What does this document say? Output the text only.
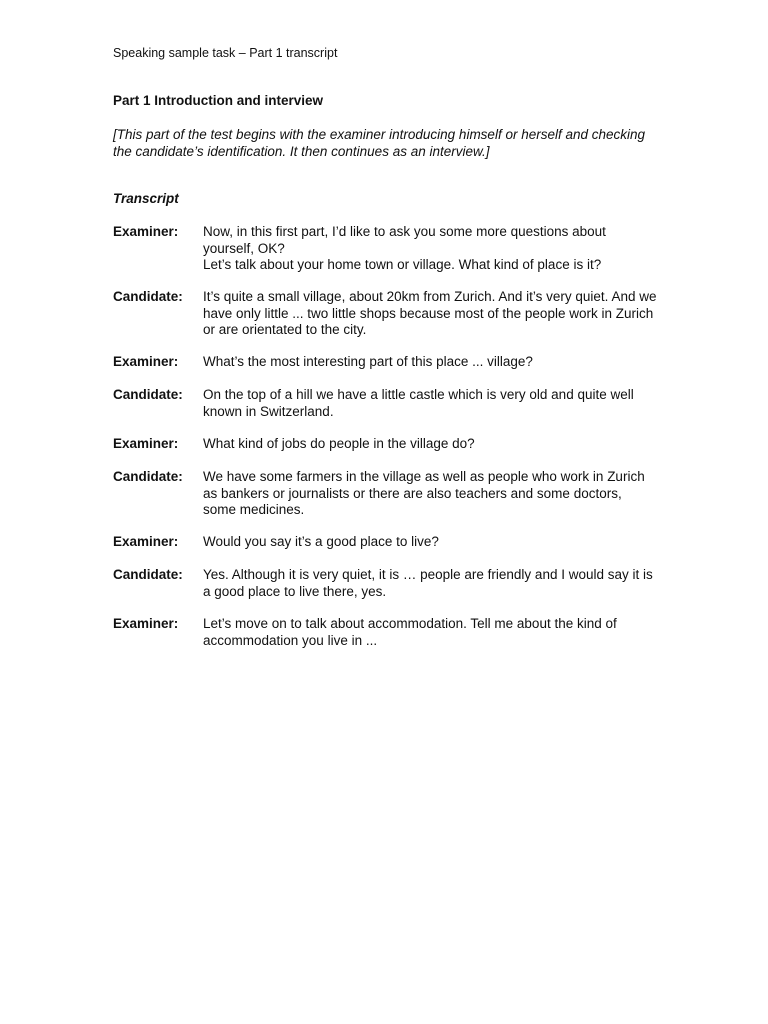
Speaking sample task – Part 1 transcript
Part 1 Introduction and interview
[This part of the test begins with the examiner introducing himself or herself and checking the candidate’s identification. It then continues as an interview.]
Transcript
Examiner:	Now, in this first part, I’d like to ask you some more questions about yourself, OK?
Let’s talk about your home town or village. What kind of place is it?
Candidate:	It’s quite a small village, about 20km from Zurich. And it’s very quiet. And we have only little ... two little shops because most of the people work in Zurich or are orientated to the city.
Examiner:	What’s the most interesting part of this place ... village?
Candidate:	On the top of a hill we have a little castle which is very old and quite well known in Switzerland.
Examiner:	What kind of jobs do people in the village do?
Candidate:	We have some farmers in the village as well as people who work in Zurich as bankers or journalists or there are also teachers and some doctors, some medicines.
Examiner:	Would you say it’s a good place to live?
Candidate:	Yes. Although it is very quiet, it is … people are friendly and I would say it is a good place to live there, yes.
Examiner:	Let’s move on to talk about accommodation. Tell me about the kind of accommodation you live in ...
